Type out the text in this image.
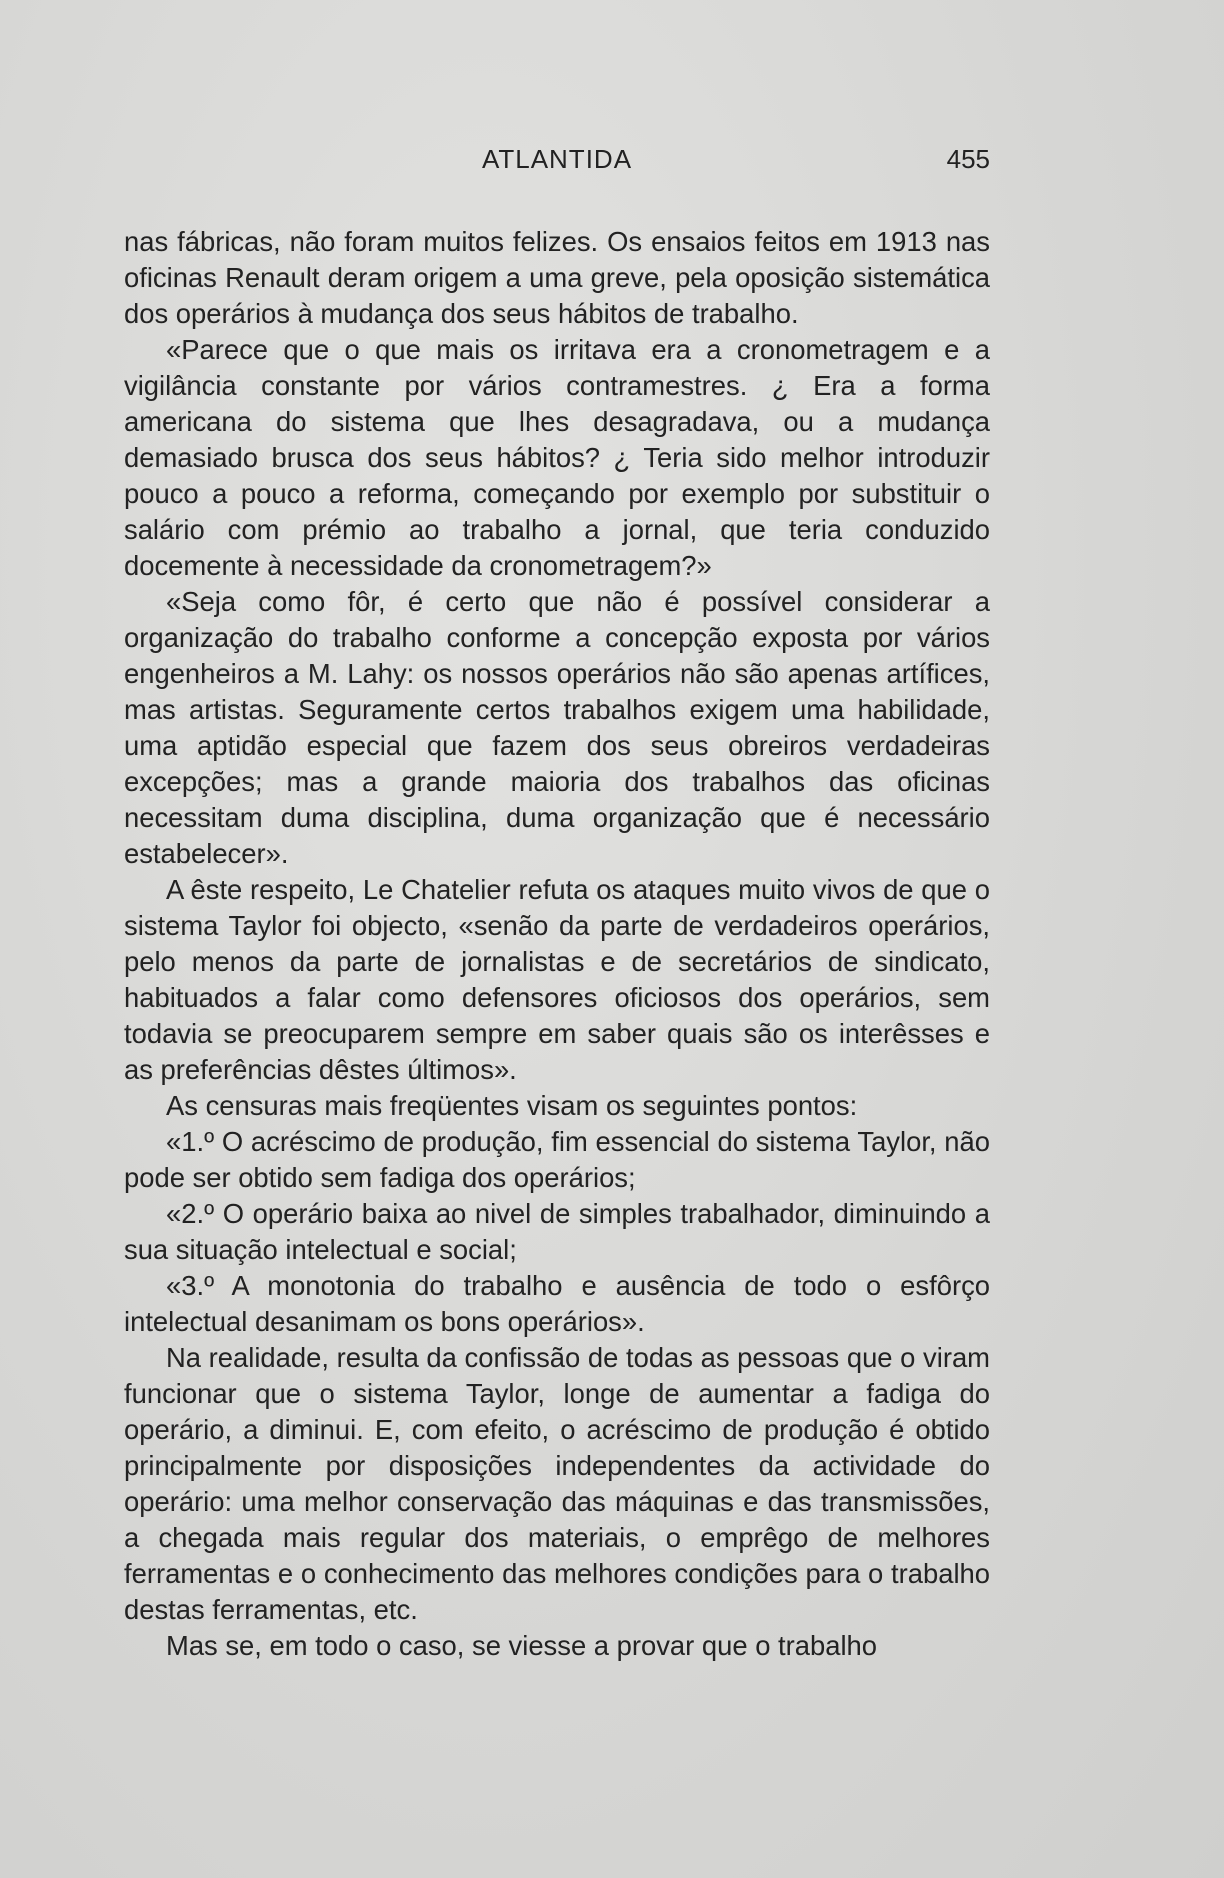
ATLANTIDA	455

nas fábricas, não foram muitos felizes. Os ensaios feitos em 1913 nas oficinas Renault deram origem a uma greve, pela oposição sistemática dos operários à mudança dos seus hábitos de trabalho.

«Parece que o que mais os irritava era a cronometragem e a vigilância constante por vários contramestres. ¿ Era a forma americana do sistema que lhes desagradava, ou a mudança demasiado brusca dos seus hábitos? ¿ Teria sido melhor introduzir pouco a pouco a reforma, começando por exemplo por substituir o salário com prémio ao trabalho a jornal, que teria conduzido docemente à necessidade da cronometragem?»

«Seja como fôr, é certo que não é possível considerar a organização do trabalho conforme a concepção exposta por vários engenheiros a M. Lahy: os nossos operários não são apenas artífices, mas artistas. Seguramente certos trabalhos exigem uma habilidade, uma aptidão especial que fazem dos seus obreiros verdadeiras excepções; mas a grande maioria dos trabalhos das oficinas necessitam duma disciplina, duma organização que é necessário estabelecer».

A êste respeito, Le Chatelier refuta os ataques muito vivos de que o sistema Taylor foi objecto, «senão da parte de verdadeiros operários, pelo menos da parte de jornalistas e de secretários de sindicato, habituados a falar como defensores oficiosos dos operários, sem todavia se preocuparem sempre em saber quais são os interêsses e as preferências dêstes últimos».

As censuras mais freqüentes visam os seguintes pontos:

«1.º O acréscimo de produção, fim essencial do sistema Taylor, não pode ser obtido sem fadiga dos operários;

«2.º O operário baixa ao nivel de simples trabalhador, diminuindo a sua situação intelectual e social;

«3.º A monotonia do trabalho e ausência de todo o esfôrço intelectual desanimam os bons operários».

Na realidade, resulta da confissão de todas as pessoas que o viram funcionar que o sistema Taylor, longe de aumentar a fadiga do operário, a diminui. E, com efeito, o acréscimo de produção é obtido principalmente por disposições independentes da actividade do operário: uma melhor conservação das máquinas e das transmissões, a chegada mais regular dos materiais, o emprêgo de melhores ferramentas e o conhecimento das melhores condições para o trabalho destas ferramentas, etc.

Mas se, em todo o caso, se viesse a provar que o trabalho
